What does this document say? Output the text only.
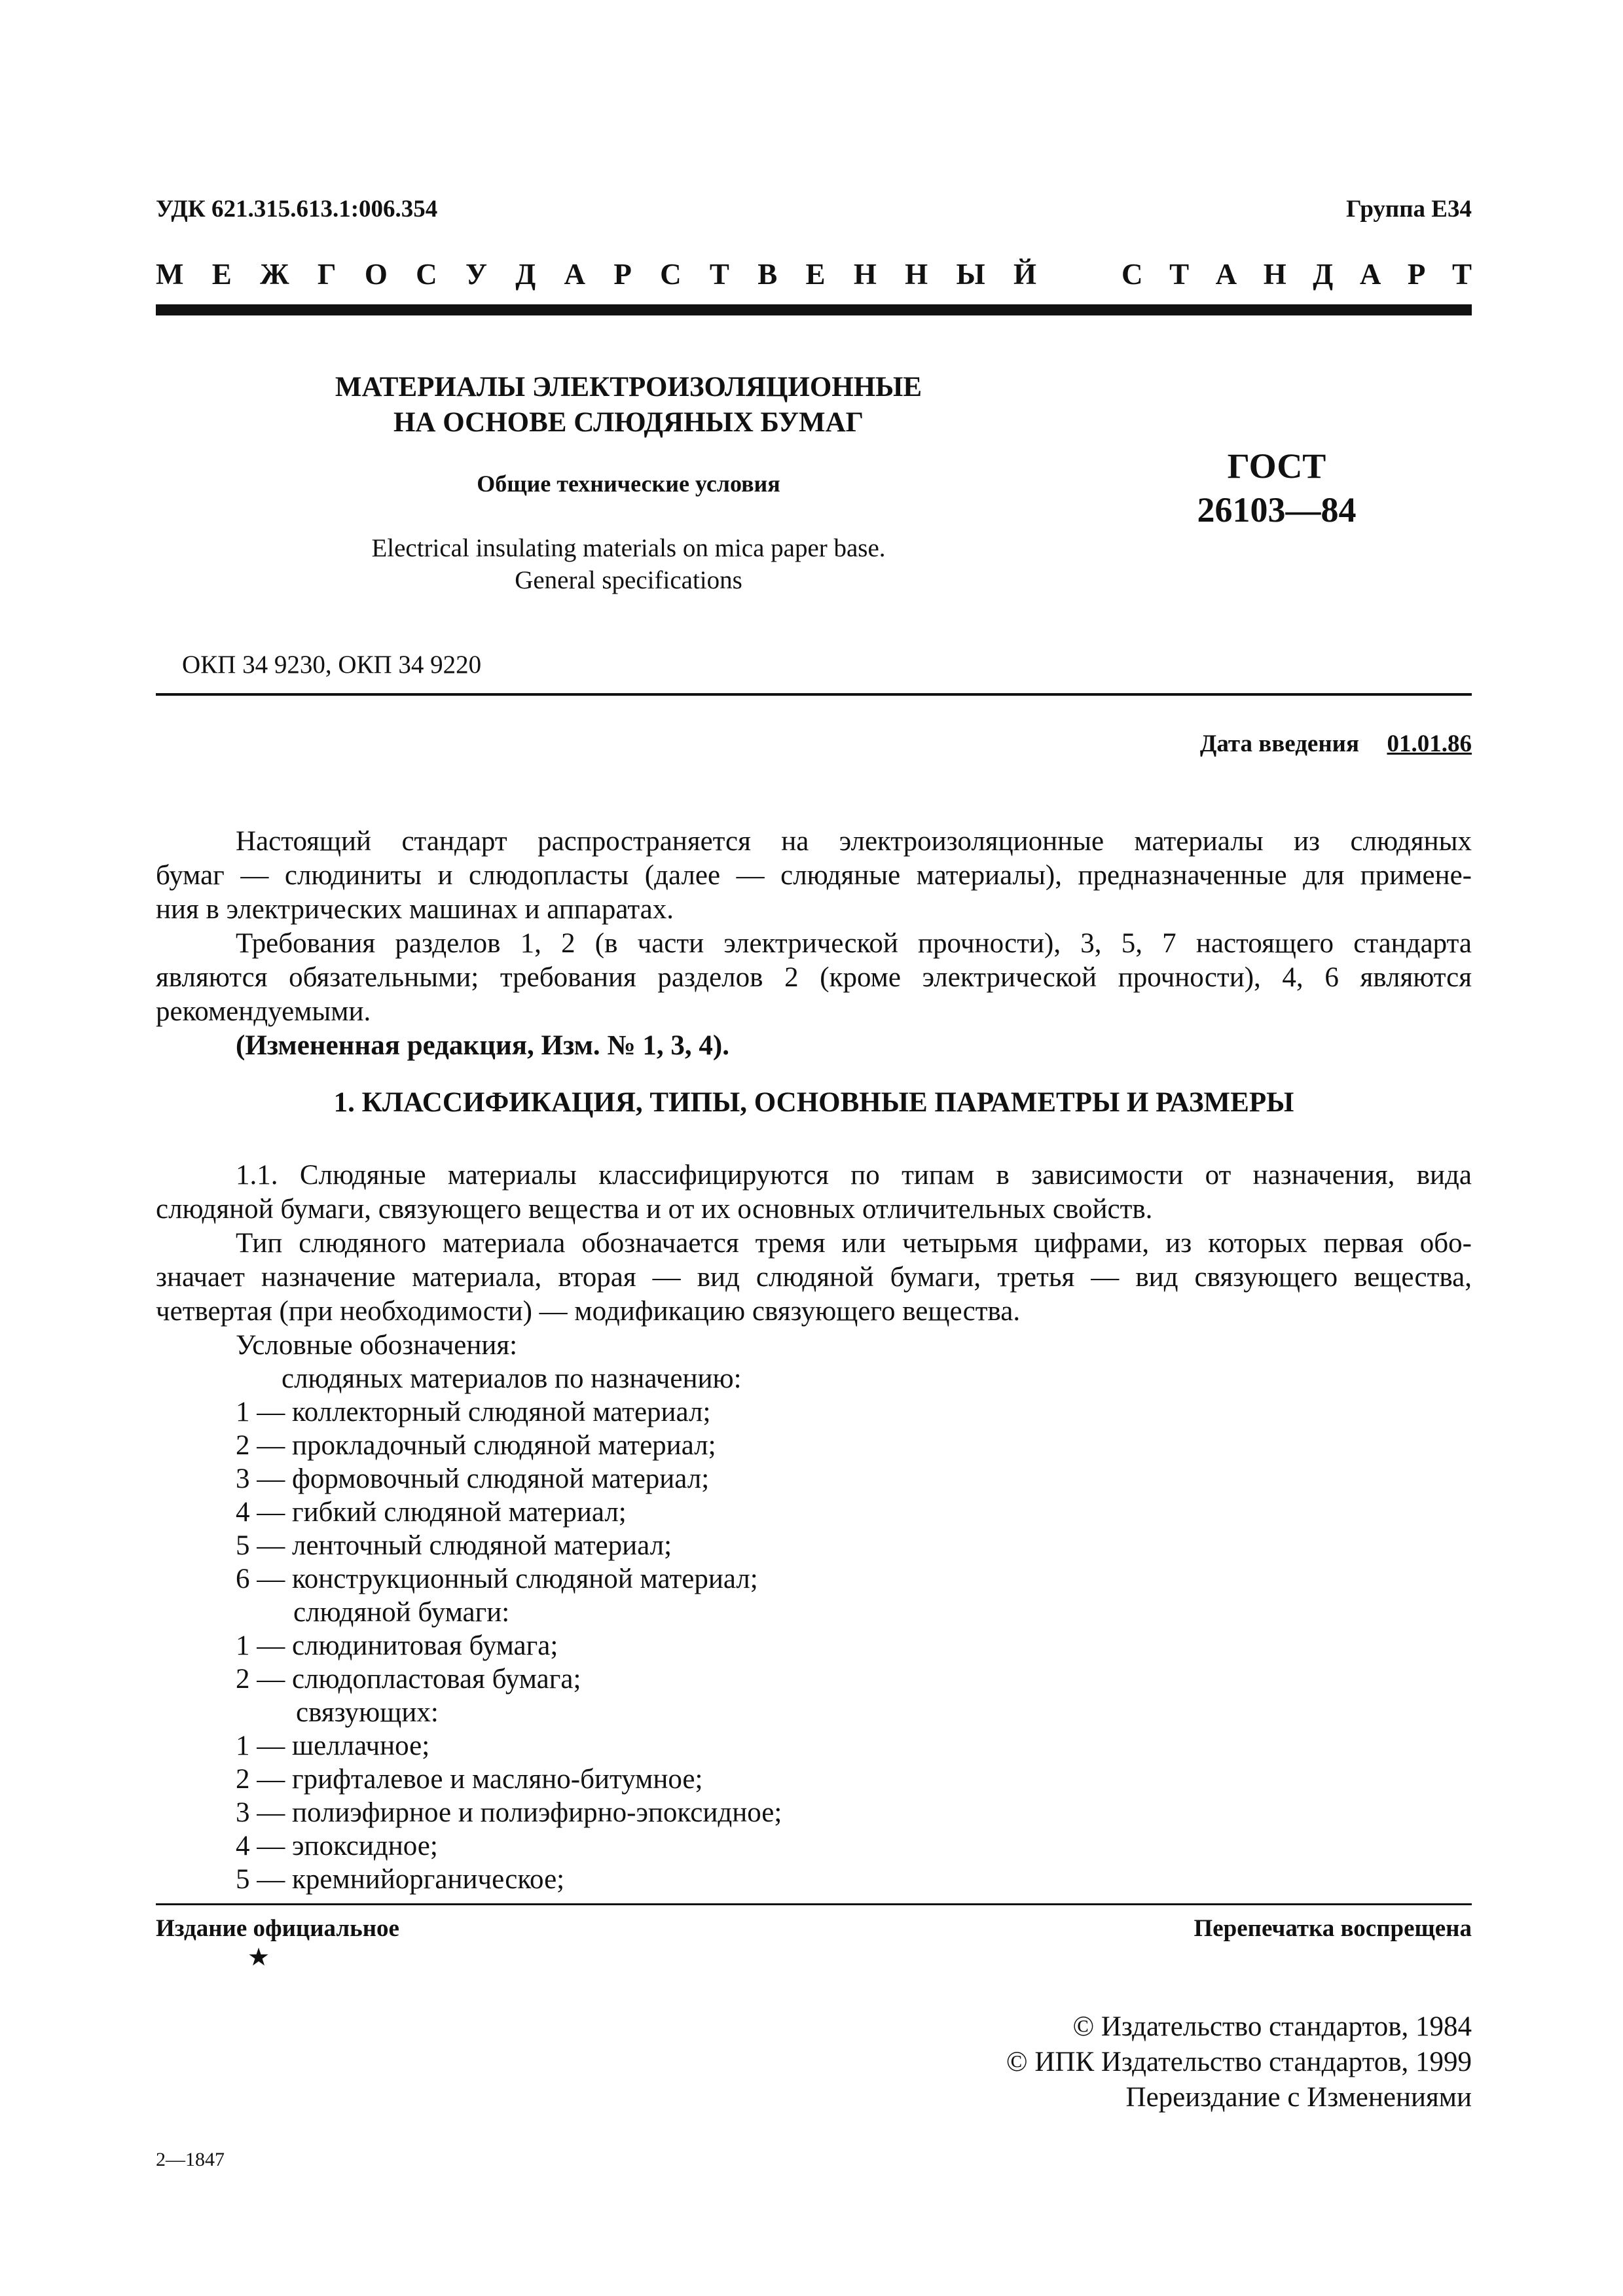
УДК 621.315.613.1:006.354	Группа Е34
М Е Ж Г О С У Д А Р С Т В Е Н Н Ы Й	С Т А Н Д А Р Т
МАТЕРИАЛЫ ЭЛЕКТРОИЗОЛЯЦИОННЫЕ
НА ОСНОВЕ СЛЮДЯНЫХ БУМАГ
Общие технические условия
Electrical insulating materials on mica paper base.
General specifications
ГОСТ
26103—84
ОКП 34 9230, ОКП 34 9220
Дата введения 01.01.86
Настоящий стандарт распространяется на электроизоляционные материалы из слюдяных
бумаг — слюдиниты и слюдопласты (далее — слюдяные материалы), предназначенные для примене-
ния в электрических машинах и аппаратах.
Требования разделов 1, 2 (в части электрической прочности), 3, 5, 7 настоящего стандарта
являются обязательными; требования разделов 2 (кроме электрической прочности), 4, 6 являются
рекомендуемыми.
(Измененная редакция, Изм. № 1, 3, 4).
1. КЛАССИФИКАЦИЯ, ТИПЫ, ОСНОВНЫЕ ПАРАМЕТРЫ И РАЗМЕРЫ
1.1. Слюдяные материалы классифицируются по типам в зависимости от назначения, вида
слюдяной бумаги, связующего вещества и от их основных отличительных свойств.
Тип слюдяного материала обозначается тремя или четырьмя цифрами, из которых первая обо-
значает назначение материала, вторая — вид слюдяной бумаги, третья — вид связующего вещества,
четвертая (при необходимости) — модификацию связующего вещества.
Условные обозначения:
слюдяных материалов по назначению:
1 — коллекторный слюдяной материал;
2 — прокладочный слюдяной материал;
3 — формовочный слюдяной материал;
4 — гибкий слюдяной материал;
5 — ленточный слюдяной материал;
6 — конструкционный слюдяной материал;
слюдяной бумаги:
1 — слюдинитовая бумага;
2 — слюдопластовая бумага;
связующих:
1 — шеллачное;
2 — грифталевое и масляно-битумное;
3 — полиэфирное и полиэфирно-эпоксидное;
4 — эпоксидное;
5 — кремнийорганическое;
Издание официальное
★
Перепечатка воспрещена
© Издательство стандартов, 1984
© ИПК Издательство стандартов, 1999
Переиздание с Изменениями
2—1847
